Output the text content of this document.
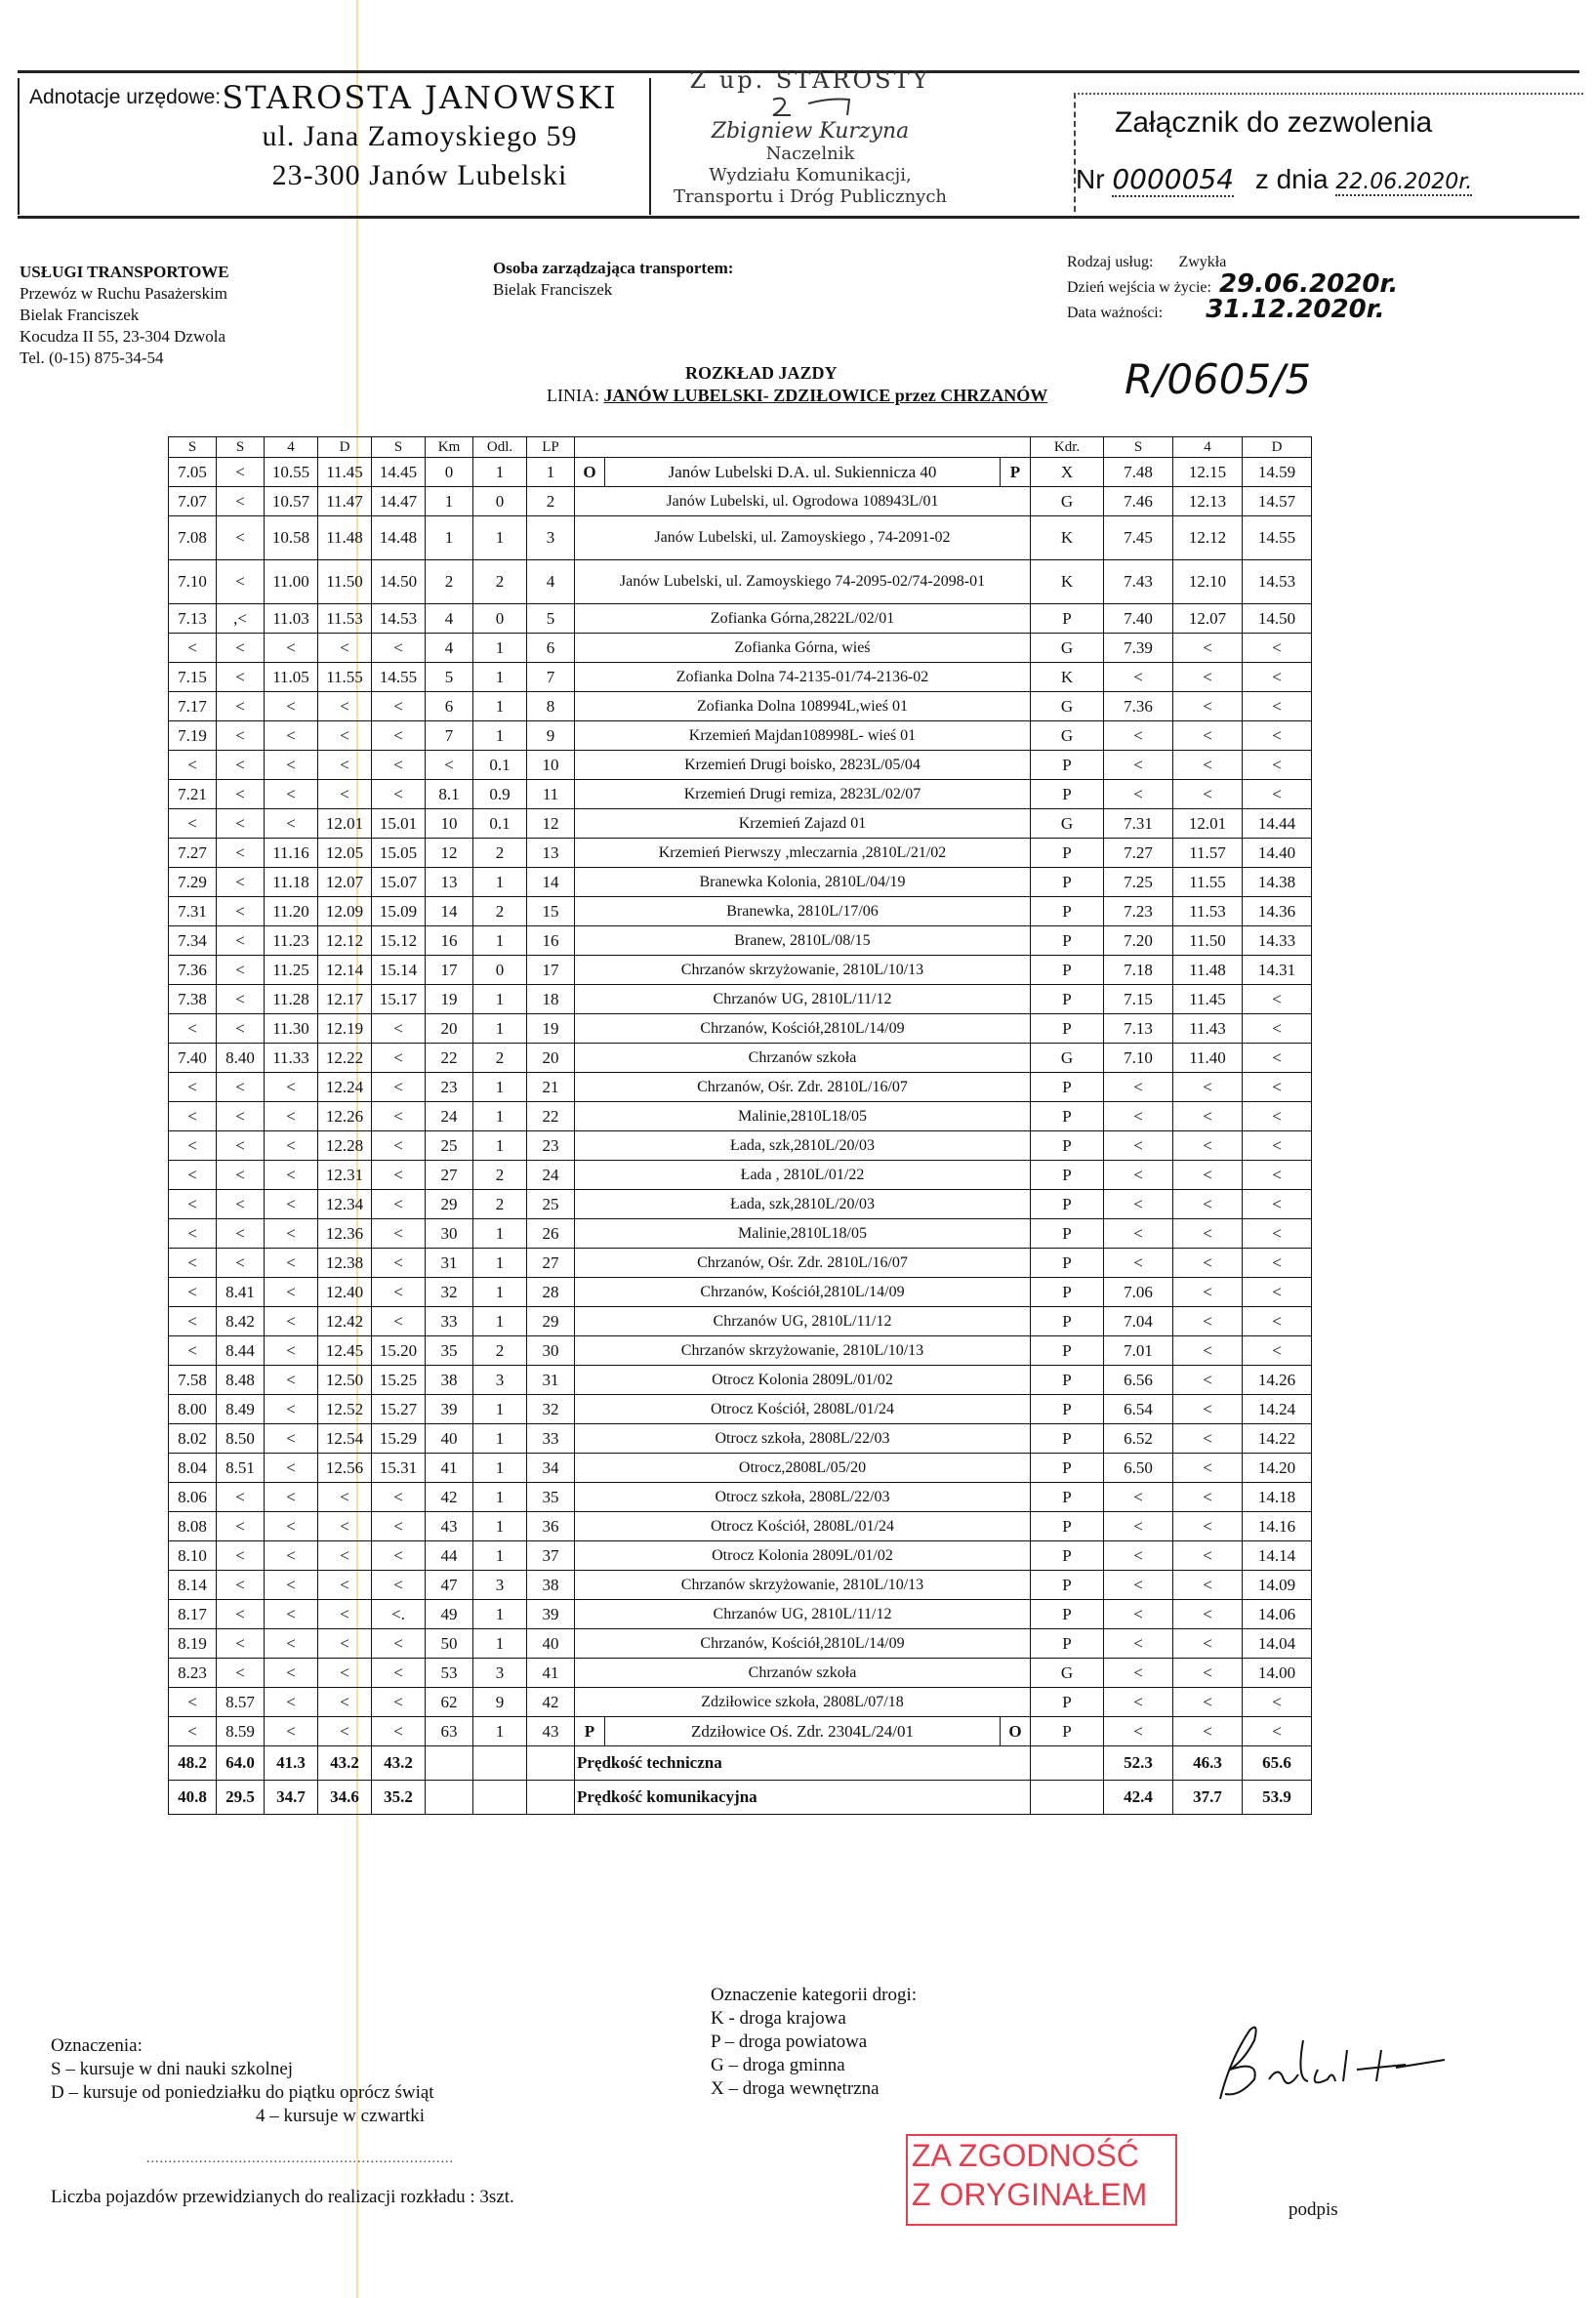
Adnotacje urzędowe: STAROSTA JANOWSKI
ul. Jana Zamoyskiego 59
23-300 Janów Lubelski
Z up. STAROSTY
Zbigniew Kurzyna
Naczelnik
Wydziału Komunikacji,
Transportu i Dróg Publicznych
Załącznik do zezwolenia
Nr 0000054 z dnia 22.06.2020r.
USŁUGI TRANSPORTOWE
Przewóz w Ruchu Pasażerskim
Bielak Franciszek
Kocudza II 55, 23-304 Dzwola
Tel. (0-15) 875-34-54
Osoba zarządzająca transportem:
Bielak Franciszek
Rodzaj usług: Zwykła
Dzień wejścia w życie: 29.06.2020r.
Data ważności: 31.12.2020r.
ROZKŁAD JAZDY
LINIA: JANÓW LUBELSKI- ZDZIŁOWICE przez CHRZANÓW	R/0605/5
S	S	4	D	S	Km	Odl.	LP				Kdr.	S	4	D
7.05	<	10.55	11.45	14.45	0	1	1	O	Janów Lubelski D.A. ul. Sukiennicza 40	P	X	7.48	12.15	14.59
7.07	<	10.57	11.47	14.47	1	0	2	Janów Lubelski, ul. Ogrodowa 108943L/01			G	7.46	12.13	14.57
7.08	<	10.58	11.48	14.48	1	1	3	Janów Lubelski, ul. Zamoyskiego , 74-2091-02			K	7.45	12.12	14.55
7.10	<	11.00	11.50	14.50	2	2	4	Janów Lubelski, ul. Zamoyskiego 74-2095-02/74-2098-01			K	7.43	12.10	14.53
7.13	,<	11.03	11.53	14.53	4	0	5	Zofianka Górna,2822L/02/01			P	7.40	12.07	14.50
<	<	<	<	<	4	1	6	Zofianka Górna, wieś			G	7.39	<	<
7.15	<	11.05	11.55	14.55	5	1	7	Zofianka Dolna 74-2135-01/74-2136-02			K	<	<	<
7.17	<	<	<	<	6	1	8	Zofianka Dolna 108994L,wieś 01			G	7.36	<	<
7.19	<	<	<	<	7	1	9	Krzemień Majdan108998L- wieś 01			G	<	<	<
<	<	<	<	<	<	0.1	10	Krzemień Drugi boisko, 2823L/05/04			P	<	<	<
7.21	<	<	<	<	8.1	0.9	11	Krzemień Drugi remiza, 2823L/02/07			P	<	<	<
<	<	<	12.01	15.01	10	0.1	12	Krzemień Zajazd 01			G	7.31	12.01	14.44
7.27	<	11.16	12.05	15.05	12	2	13	Krzemień Pierwszy ,mleczarnia ,2810L/21/02			P	7.27	11.57	14.40
7.29	<	11.18	12.07	15.07	13	1	14	Branewka Kolonia, 2810L/04/19			P	7.25	11.55	14.38
7.31	<	11.20	12.09	15.09	14	2	15	Branewka, 2810L/17/06			P	7.23	11.53	14.36
7.34	<	11.23	12.12	15.12	16	1	16	Branew, 2810L/08/15			P	7.20	11.50	14.33
7.36	<	11.25	12.14	15.14	17	0	17	Chrzanów skrzyżowanie, 2810L/10/13			P	7.18	11.48	14.31
7.38	<	11.28	12.17	15.17	19	1	18	Chrzanów UG, 2810L/11/12			P	7.15	11.45	<
<	<	11.30	12.19	<	20	1	19	Chrzanów, Kościół,2810L/14/09			P	7.13	11.43	<
7.40	8.40	11.33	12.22	<	22	2	20	Chrzanów szkoła			G	7.10	11.40	<
<	<	<	12.24	<	23	1	21	Chrzanów, Ośr. Zdr. 2810L/16/07			P	<	<	<
<	<	<	12.26	<	24	1	22	Malinie,2810L18/05			P	<	<	<
<	<	<	12.28	<	25	1	23	Łada, szk,2810L/20/03			P	<	<	<
<	<	<	12.31	<	27	2	24	Łada , 2810L/01/22			P	<	<	<
<	<	<	12.34	<	29	2	25	Łada, szk,2810L/20/03			P	<	<	<
<	<	<	12.36	<	30	1	26	Malinie,2810L18/05			P	<	<	<
<	<	<	12.38	<	31	1	27	Chrzanów, Ośr. Zdr. 2810L/16/07			P	<	<	<
<	8.41	<	12.40	<	32	1	28	Chrzanów, Kościół,2810L/14/09			P	7.06	<	<
<	8.42	<	12.42	<	33	1	29	Chrzanów UG, 2810L/11/12			P	7.04	<	<
<	8.44	<	12.45	15.20	35	2	30	Chrzanów skrzyżowanie, 2810L/10/13			P	7.01	<	<
7.58	8.48	<	12.50	15.25	38	3	31	Otrocz Kolonia 2809L/01/02			P	6.56	<	14.26
8.00	8.49	<	12.52	15.27	39	1	32	Otrocz Kościół, 2808L/01/24			P	6.54	<	14.24
8.02	8.50	<	12.54	15.29	40	1	33	Otrocz szkoła, 2808L/22/03			P	6.52	<	14.22
8.04	8.51	<	12.56	15.31	41	1	34	Otrocz,2808L/05/20			P	6.50	<	14.20
8.06	<	<	<	<	42	1	35	Otrocz szkoła, 2808L/22/03			P	<	<	14.18
8.08	<	<	<	<	43	1	36	Otrocz Kościół, 2808L/01/24			P	<	<	14.16
8.10	<	<	<	<	44	1	37	Otrocz Kolonia 2809L/01/02			P	<	<	14.14
8.14	<	<	<	<	47	3	38	Chrzanów skrzyżowanie, 2810L/10/13			P	<	<	14.09
8.17	<	<	<	<.	49	1	39	Chrzanów UG, 2810L/11/12			P	<	<	14.06
8.19	<	<	<	<	50	1	40	Chrzanów, Kościół,2810L/14/09			P	<	<	14.04
8.23	<	<	<	<	53	3	41	Chrzanów szkoła			G	<	<	14.00
<	8.57	<	<	<	62	9	42	Zdziłowice szkoła, 2808L/07/18			P	<	<	<
<	8.59	<	<	<	63	1	43	P	Zdziłowice Oś. Zdr. 2304L/24/01	O	P	<	<	<
48.2	64.0	41.3	43.2	43.2				Prędkość techniczna				52.3	46.3	65.6
40.8	29.5	34.7	34.6	35.2				Prędkość komunikacyjna				42.4	37.7	53.9
Oznaczenia:
S – kursuje w dni nauki szkolnej
D – kursuje od poniedziałku do piątku oprócz świąt
4 – kursuje w czwartki
Oznaczenie kategorii drogi:
K - droga krajowa
P – droga powiatowa
G – droga gminna
X – droga wewnętrzna
......................................................................
Liczba pojazdów przewidzianych do realizacji rozkładu : 3szt.
ZA ZGODNOŚĆ
Z ORYGINAŁEM	podpis
